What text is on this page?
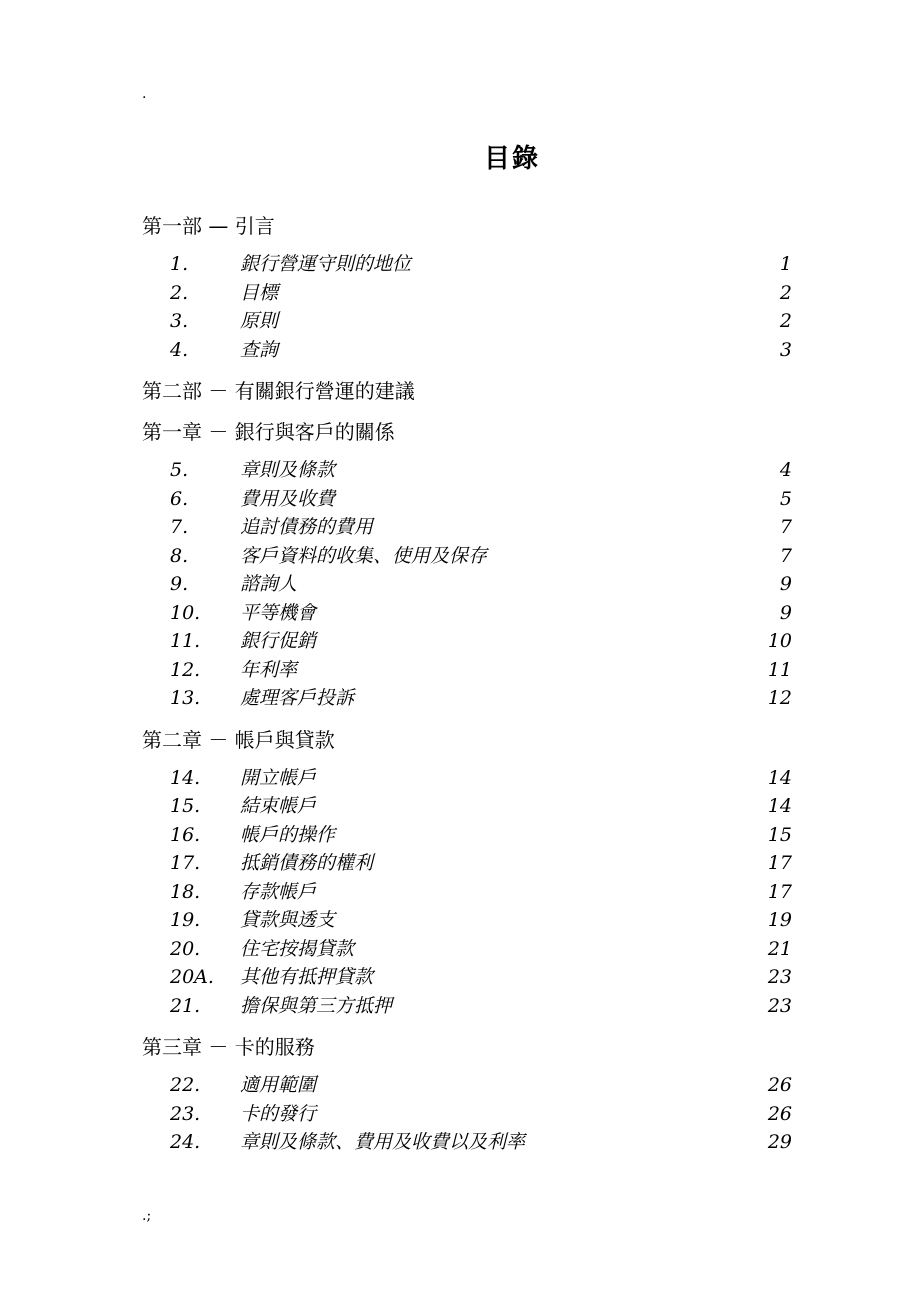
.
目錄
第一部 — 引言
1.	銀行營運守則的地位	1
2.	目標	2
3.	原則	2
4.	查詢	3
第二部 － 有關銀行營運的建議
第一章 － 銀行與客戶的關係
5.	章則及條款	4
6.	費用及收費	5
7.	追討債務的費用	7
8.	客戶資料的收集、使用及保存	7
9.	諮詢人	9
10. 平等機會	9
11. 銀行促銷	10
12. 年利率	11
13. 處理客戶投訴	12
第二章 － 帳戶與貸款
14. 開立帳戶	14
15. 結束帳戶	14
16. 帳戶的操作	15
17. 抵銷債務的權利	17
18. 存款帳戶	17
19. 貸款與透支	19
20. 住宅按揭貸款	21
20A. 其他有抵押貸款	23
21. 擔保與第三方抵押	23
第三章 － 卡的服務
22. 適用範圍	26
23. 卡的發行	26
24. 章則及條款、費用及收費以及利率	29
.;
